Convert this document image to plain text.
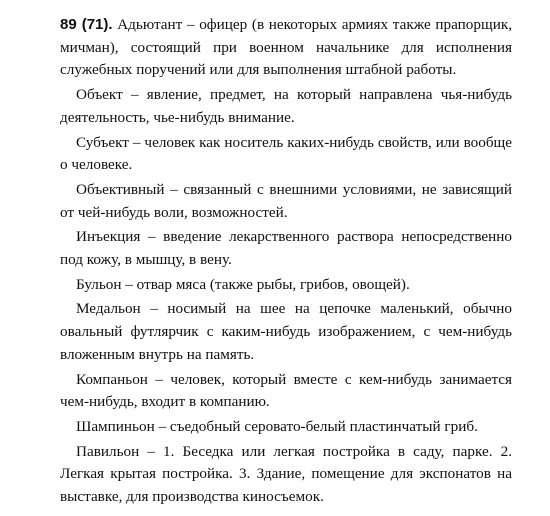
89 (71). Адьютант – офицер (в некоторых армиях также прапорщик, мичман), состоящий при военном начальнике для исполнения служебных поручений или для выполнения штабной работы.

Объект – явление, предмет, на который направлена чья-нибудь деятельность, чье-нибудь внимание.

Субъект – человек как носитель каких-нибудь свойств, или вообще о человеке.

Объективный – связанный с внешними условиями, не зависящий от чей-нибудь воли, возможностей.

Инъекция – введение лекарственного раствора непосредственно под кожу, в мышцу, в вену.

Бульон – отвар мяса (также рыбы, грибов, овощей).

Медальон – носимый на шее на цепочке маленький, обычно овальный футлярчик с каким-нибудь изображением, с чем-нибудь вложенным внутрь на память.

Компаньон – человек, который вместе с кем-нибудь занимается чем-нибудь, входит в компанию.

Шампиньон – съедобный серовато-белый пластинчатый гриб.

Павильон – 1. Беседка или легкая постройка в саду, парке. 2. Легкая крытая постройка. 3. Здание, помещение для экспонатов на выставке, для производства киносъемок.
